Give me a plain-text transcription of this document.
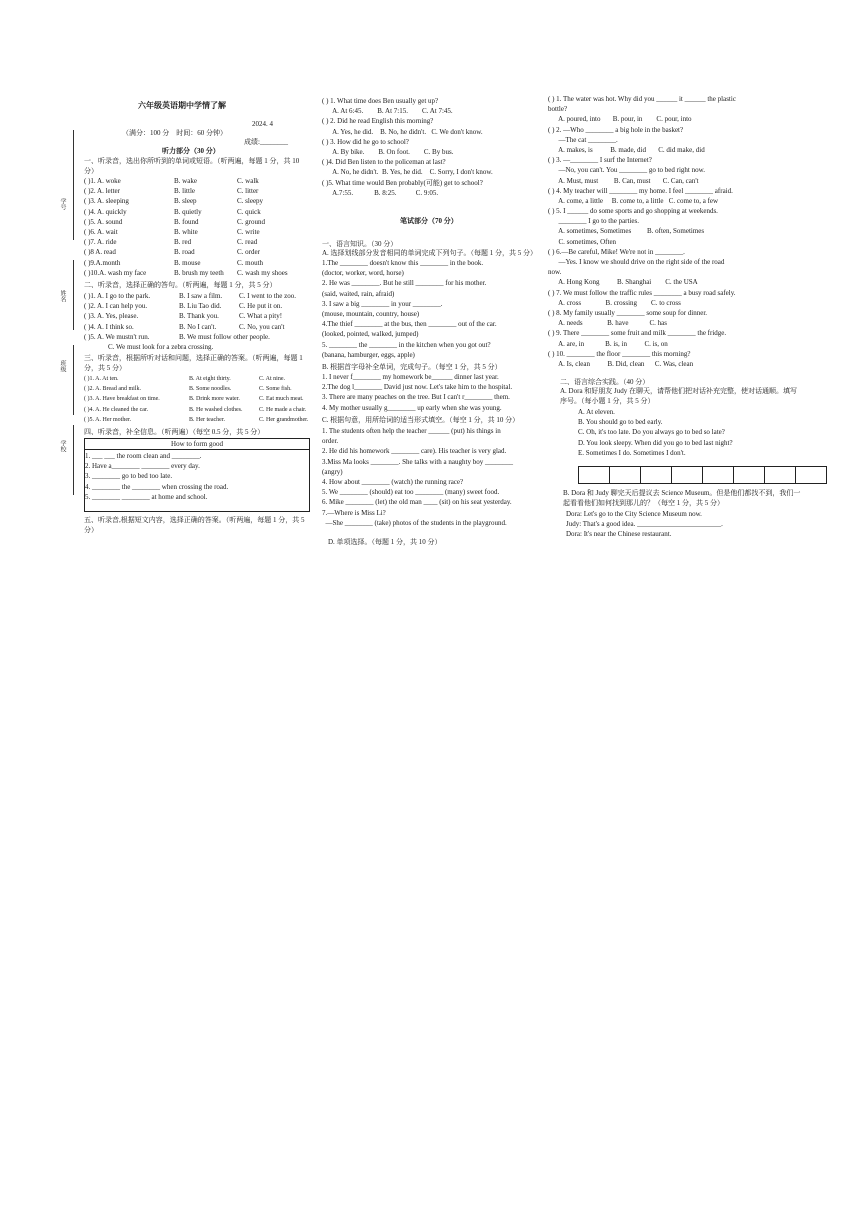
学号
姓名
班级
学校
六年级英语期中学情了解
2024. 4
（满分：100 分　时间：60 分钟）
成绩:________
听力部分（30 分）
一、听录音，选出你所听到的单词或短语。（听两遍，每题 1 分，共 10 分）
( )1. A. woke	B. wake	C. walk
( )2. A. letter	B. little	C. litter
( )3. A. sleeping	B. sleep	C. sleepy
( )4. A. quickly	B. quietly	C. quick
( )5. A. sound	B. found	C. ground
( )6. A. wait	B. white	C. write
( )7. A. ride	B. red	C. read
( )8 A. read	B. road	C. order
( )9.A.month	B. mouse	C. mouth
( )10.A. wash my face	B. brush my teeth C. wash my shoes
二、听录音，选择正确的答句。（听两遍，每题 1 分，共 5 分）
( )1. A. I go to the park.	B. I saw a film. C. I went to the zoo.
( )2. A. I can help you.	B. Liu Tao did.	C. He put it on.
( )3. A. Yes, please.	B. Thank you.	C. What a pity!
( )4. A. I think so.	B. No I can't.	C. No, you can't
( )5. A. We mustn't run.	B. We must follow other people.
C. We must look for a zebra crossing.
三、听录音，根据所听对话和问题，选择正确的答案。（听两遍，每题 1 分，共 5 分）
( )1. A. At ten.	B. At eight thirty.	C. At nine.
( )2. A. Bread and milk.	B. Some noodles.	C. Some fish.
( )3. A. Have breakfast on time.	B. Drink more water.	C. Eat much meat.
( )4. A. He cleaned the car.	B. He washed clothes.	C. He made a chair.
( )5. A. Her mother.	B. Her teacher.	C. Her grandmother.
四、听录音，补全信息。（听两遍）（每空 0.5 分，共 5 分）
How to form good
1. ___ ___ the room clean and ________.
2. Have a________ ________ every day.
3. ________ go to bed too late.
4. ________ the ________ when crossing the road.
5. ________ ________ at home and school.
五、听录音,根据短文内容，选择正确的答案。（听两遍，每题 1 分，共 5 分）
( ) 1. What time does Ben usually get up?
A. At 6:45.        B. At 7:15.        C. At 7:45.
( ) 2. Did he read English this morning?
A. Yes, he did.    B. No, he didn't.   C. We don't know.
( ) 3. How did he go to school?
A. By bike.        B. On foot.        C. By bus.
( )4. Did Ben listen to the policeman at last?
A. No, he didn't.  B. Yes, he did.    C. Sorry, I don't know.
( )5. What time would Ben probably(可能) get to school?
A.7:55.            B. 8:25.           C. 9:05.
笔试部分（70 分）
一、语言知识。（30 分）
A. 选择划线部分发音相同的单词完成下列句子。（每题 1 分，共 5 分）
1.The ________ doesn't know this ________ in the book.
(doctor, worker, word, horse)
2. He was ________. But he still ________ for his mother.
(said, waited, rain, afraid)
3. I saw a big ________ in your ________.
(mouse, mountain, country, house)
4.The thief ________ at the bus, then ________ out of the car.
(looked, pointed, walked, jumped)
5. ________ the ________ in the kitchen when you got out?
(banana, hamburger, eggs, apple)
B. 根据首字母补全单词，完成句子。（每空 1 分，共 5 分）
1. I never f________ my homework be______ dinner last year.
2.The dog l________ David just now. Let's take him to the hospital.
3. There are many peaches on the tree. But I can't r________ them.
4. My mother usually g________ up early when she was young.
C. 根据句意，用所给词的适当形式填空。（每空 1 分，共 10 分）
1. The students often help the teacher ______ (put) his things in
order.
2. He did his homework ________ care). His teacher is very glad.
3.Miss Ma looks ________. She talks with a naughty boy ________
(angry)
4. How about ________ (watch) the running race?
5. We ________ (should) eat too ________ (many) sweet food.
6. Mike ________ (let) the old man ____ (sit) on his seat yesterday.
7.—Where is Miss Li?
—She ________ (take) photos of the students in the playground.
D. 单项选择。（每题 1 分，共 10 分）
( ) 1. The water was hot. Why did you ______ it ______ the plastic
bottle?
A. poured, into       B. pour, in        C. pour, into
( ) 2. —Who ________ a big hole in the basket?
—The cat ________.
A. makes, is          B. made, did       C. did make, did
( ) 3. —________ I surf the Internet?
—No, you can't. You ________ go to bed right now.
A. Must, must         B. Can, must       C. Can, can't
( ) 4. My teacher will ________ my home. I feel ________ afraid.
A. come, a little     B. come to, a little   C. come to, a few
( ) 5. I ______ do some sports and go shopping at weekends.
________ I go to the parties.
A. sometimes, Sometimes         B. often, Sometimes
C. sometimes, Often
( ) 6.—Be careful, Mike! We're not in ________.
—Yes. I know we should drive on the right side of the road
now.
A. Hong Kong          B. Shanghai        C. the USA
( ) 7. We must follow the traffic rules ________ a busy road safely.
A. cross              B. crossing        C. to cross
( ) 8. My family usually ________ some soup for dinner.
A. needs              B. have            C. has
( ) 9. There ________ some fruit and milk ________ the fridge.
A. are, in            B. is, in          C. is, on
( ) 10. ________ the floor ________ this morning?
A. Is, clean          B. Did, clean      C. Was, clean
二、语言综合实践。（40 分）
A. Dora 和好朋友 Judy 在聊天，请帮他们把对话补充完整，使对话通顺。填写序号。（每小题 1 分，共 5 分）
A. At eleven.
B. You should go to bed early.
C. Oh, it's too late. Do you always go to bed so late?
D. You look sleepy. When did you go to bed last night?
E. Sometimes I do. Sometimes I don't.

B. Dora 和 Judy 聊完天后提议去 Science Museum。但是他们都找不到，我们一起看看他们如何找到那儿的？（每空 1 分，共 5 分）
Dora: Let's go to the City Science Museum now.
Judy: That's a good idea. ________________________.
Dora: It's near the Chinese restaurant.
